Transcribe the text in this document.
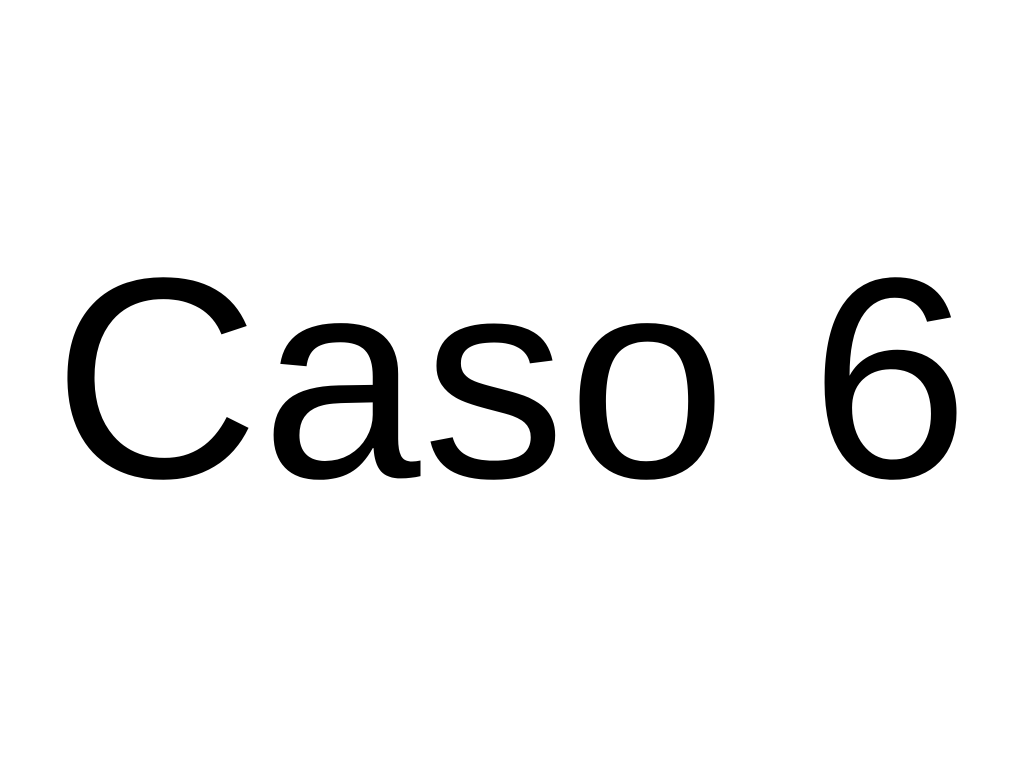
Caso 6
